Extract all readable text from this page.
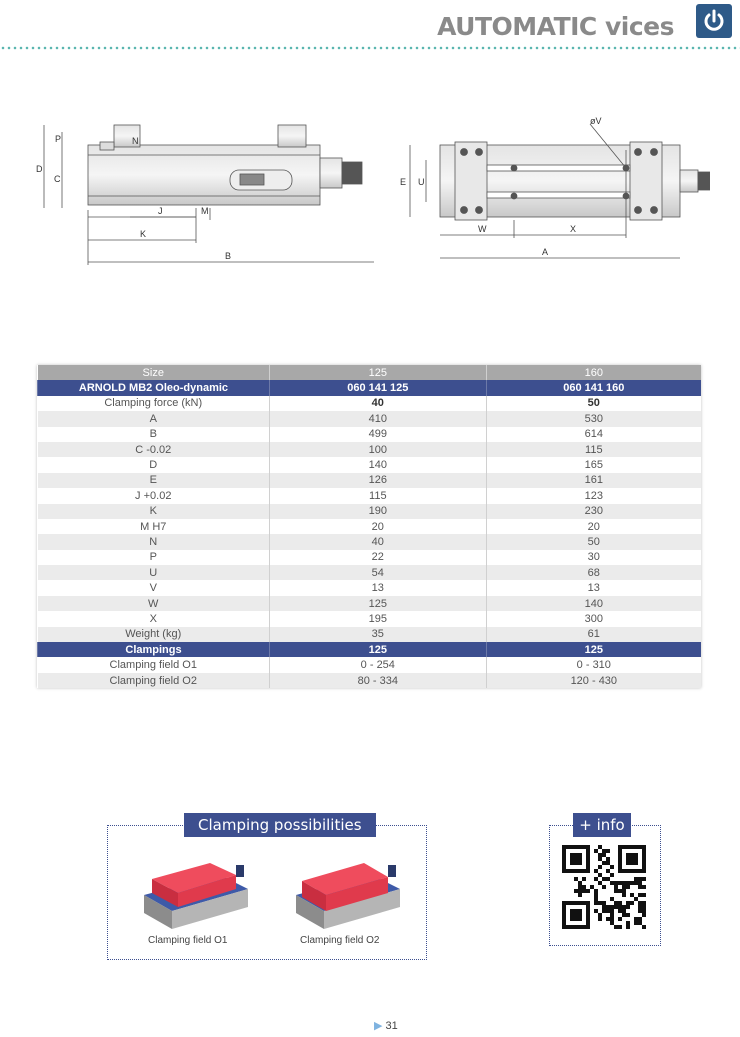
AUTOMATIC vices
D
C
P	N
J	M
K
B
E U
øV
W	X
A
Size	125	160
ARNOLD MB2 Oleo-dynamic	060 141 125	060 141 160
Clamping force (kN)	40	50
A	410	530
B	499	614
C -0.02	100	115
D	140	165
E	126	161
J +0.02	115	123
K	190	230
M H7	20	20
N	40	50
P	22	30
U	54	68
V	13	13
W	125	140
X	195	300
Weight (kg)	35	61
Clampings	125	125
Clamping field O1	0 - 254	0 - 310
Clamping field O2	80 - 334	120 - 430
Clamping possibilities
Clamping field O1	Clamping field O2
+ info
▶ 31
